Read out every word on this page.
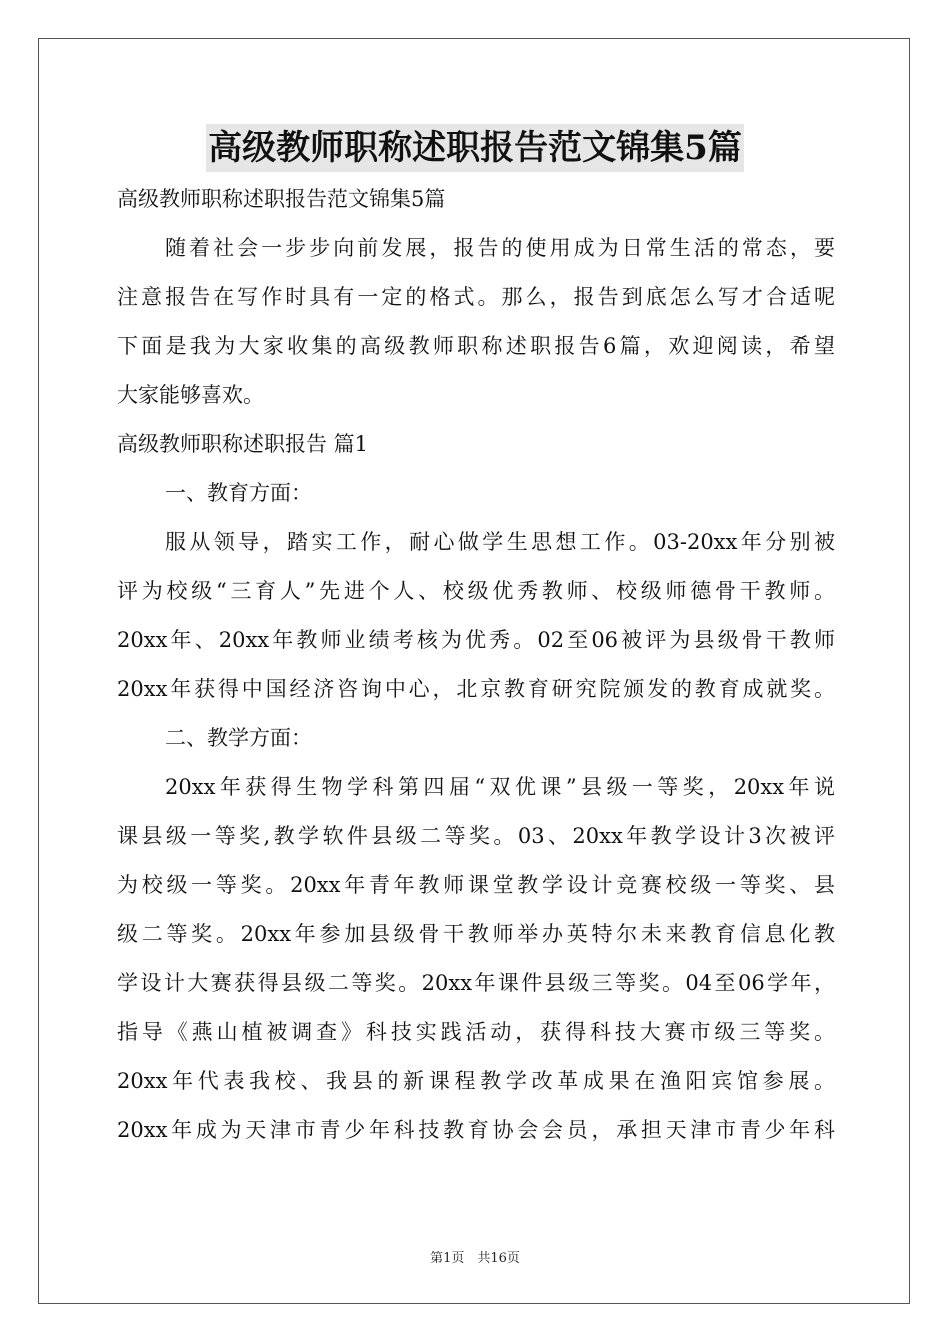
高级教师职称述职报告范文锦集5篇
高级教师职称述职报告范文锦集5篇
随着社会一步步向前发展，报告的使用成为日常生活的常态，要
注意报告在写作时具有一定的格式。那么，报告到底怎么写才合适呢
下面是我为大家收集的高级教师职称述职报告6篇，欢迎阅读，希望
大家能够喜欢。
高级教师职称述职报告 篇1
一、教育方面：
服从领导，踏实工作，耐心做学生思想工作。03-20xx年分别被
评为校级“三育人”先进个人、校级优秀教师、校级师德骨干教师。
20xx年、20xx年教师业绩考核为优秀。02至06被评为县级骨干教师
20xx年获得中国经济咨询中心，北京教育研究院颁发的教育成就奖。
二、教学方面：
20xx年获得生物学科第四届“双优课”县级一等奖，20xx年说
课县级一等奖,教学软件县级二等奖。03、20xx年教学设计3次被评
为校级一等奖。20xx年青年教师课堂教学设计竞赛校级一等奖、县
级二等奖。20xx年参加县级骨干教师举办英特尔未来教育信息化教
学设计大赛获得县级二等奖。20xx年课件县级三等奖。04至06学年，
指导《燕山植被调查》科技实践活动，获得科技大赛市级三等奖。
20xx年代表我校、我县的新课程教学改革成果在渔阳宾馆参展。
20xx年成为天津市青少年科技教育协会会员，承担天津市青少年科
第1页　共16页
